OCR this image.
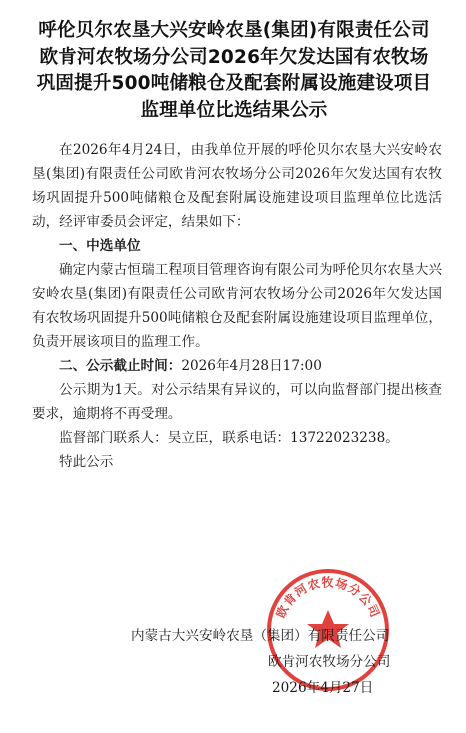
呼伦贝尔农垦大兴安岭农垦(集团)有限责任公司欧肯河农牧场分公司2026年欠发达国有农牧场巩固提升500吨储粮仓及配套附属设施建设项目监理单位比选结果公示

在2026年4月24日，由我单位开展的呼伦贝尔农垦大兴安岭农垦(集团)有限责任公司欧肯河农牧场分公司2026年欠发达国有农牧场巩固提升500吨储粮仓及配套附属设施建设项目监理单位比选活动，经评审委员会评定，结果如下：

一、中选单位

确定内蒙古恒瑞工程项目管理咨询有限公司为呼伦贝尔农垦大兴安岭农垦(集团)有限责任公司欧肯河农牧场分公司2026年欠发达国有农牧场巩固提升500吨储粮仓及配套附属设施建设项目监理单位，负责开展该项目的监理工作。

二、公示截止时间：2026年4月28日17:00

公示期为1天。对公示结果有异议的，可以向监督部门提出核查要求，逾期将不再受理。

监督部门联系人：吴立臣，联系电话：13722023238。

特此公示

欧肯河农牧场分公司
内蒙古大兴安岭农垦（集团）有限责任公司
欧肯河农牧场分公司
2026年4月27日
